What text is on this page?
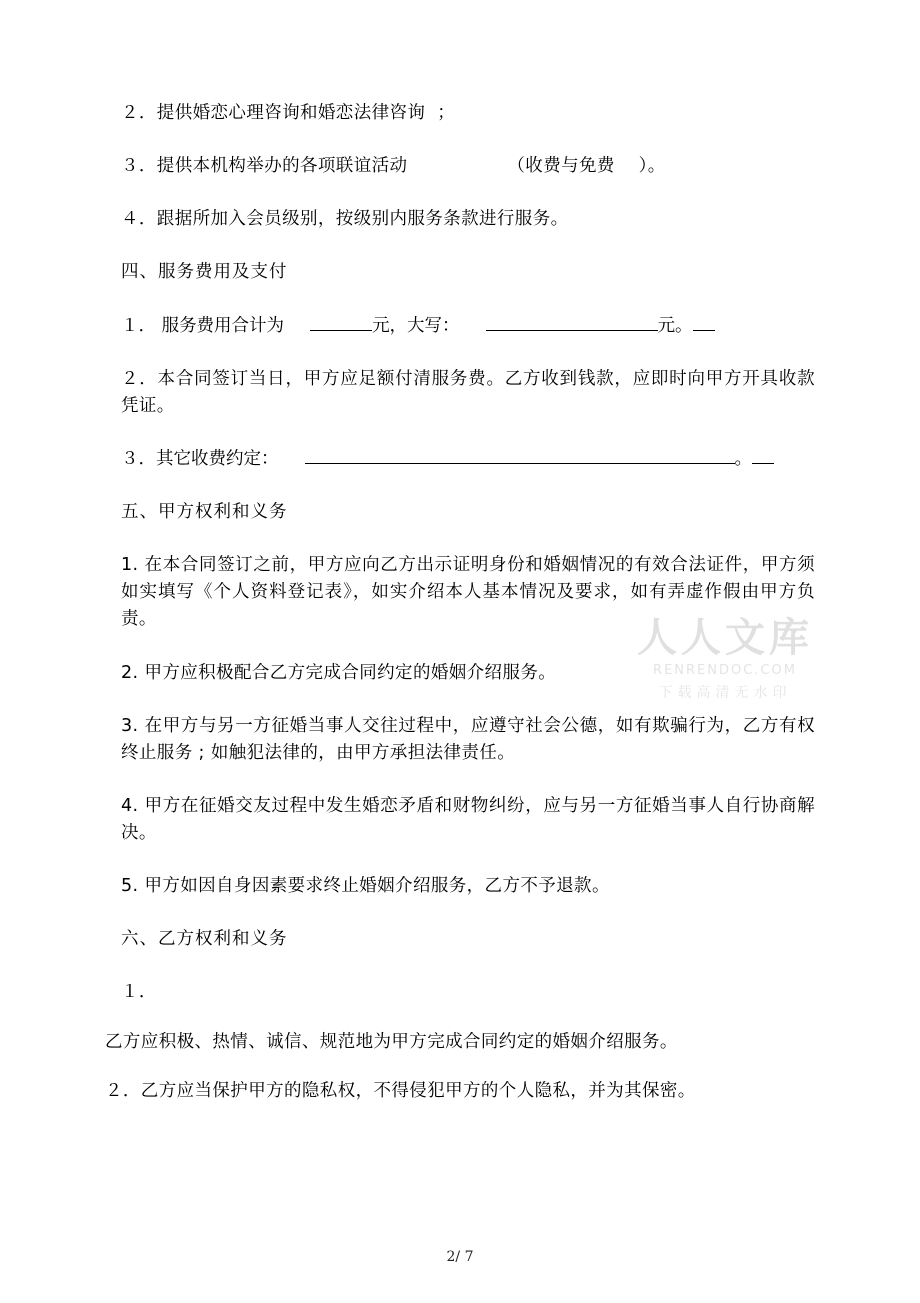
２．提供婚恋心理咨询和婚恋法律咨询  ；

３．提供本机构举办的各项联谊活动	（收费与免费    ）。

４．跟据所加入会员级别，按级别内服务条款进行服务。

四、服务费用及支付

１． 服务费用合计为	元，大写：	元。

２．本合同签订当日，甲方应足额付清服务费。乙方收到钱款，应即时向甲方开具收款凭证。

３．其它收费约定：	。

五、甲方权利和义务

1. 在本合同签订之前，甲方应向乙方出示证明身份和婚姻情况的有效合法证件，甲方须如实填写《个人资料登记表》，如实介绍本人基本情况及要求，如有弄虚作假由甲方负责。

2. 甲方应积极配合乙方完成合同约定的婚姻介绍服务。

3. 在甲方与另一方征婚当事人交往过程中，应遵守社会公德，如有欺骗行为，乙方有权终止服务 ; 如触犯法律的，由甲方承担法律责任。

4. 甲方在征婚交友过程中发生婚恋矛盾和财物纠纷，应与另一方征婚当事人自行协商解决。

5. 甲方如因自身因素要求终止婚姻介绍服务，乙方不予退款。

六、乙方权利和义务

１．

乙方应积极、热情、诚信、规范地为甲方完成合同约定的婚姻介绍服务。

２．乙方应当保护甲方的隐私权，不得侵犯甲方的个人隐私，并为其保密。

人人文库
RENRENDOC.COM
下载高清无水印
2/ 7
